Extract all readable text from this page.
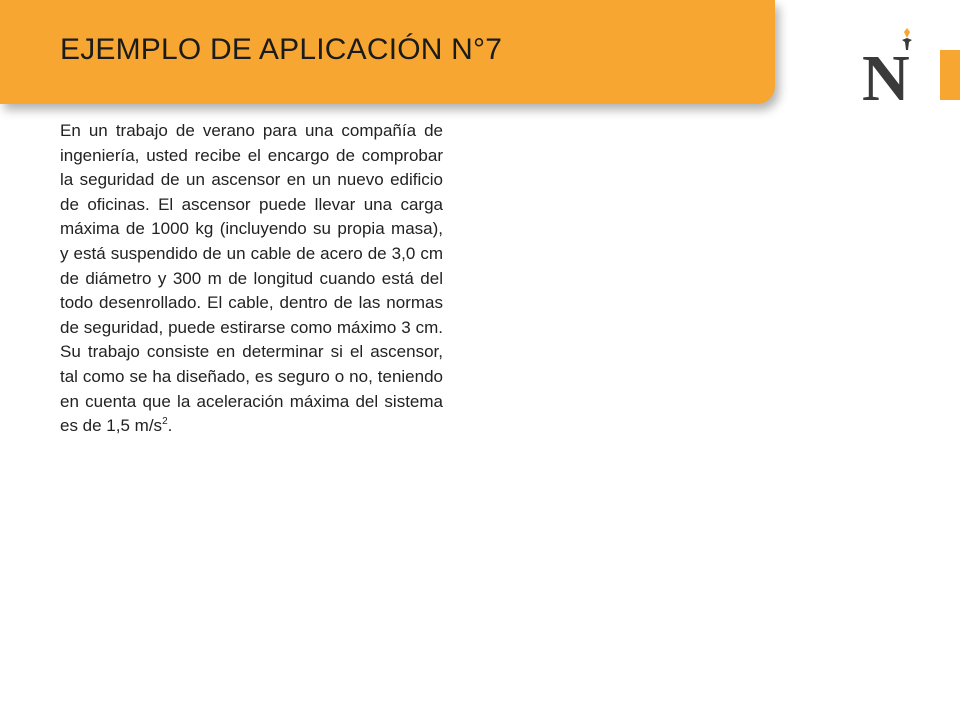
EJEMPLO DE APLICACIÓN N°7	N
En un trabajo de verano para una compañía de ingeniería, usted recibe el encargo de comprobar la seguridad de un ascensor en un nuevo edificio de oficinas. El ascensor puede llevar una carga máxima de 1000 kg (incluyendo su propia masa), y está suspendido de un cable de acero de 3,0 cm de diámetro y 300 m de longitud cuando está del todo desenrollado. El cable, dentro de las normas de seguridad, puede estirarse como máximo 3 cm. Su trabajo consiste en determinar si el ascensor, tal como se ha diseñado, es seguro o no, teniendo en cuenta que la aceleración máxima del sistema es de 1,5 $m/s^2$.
